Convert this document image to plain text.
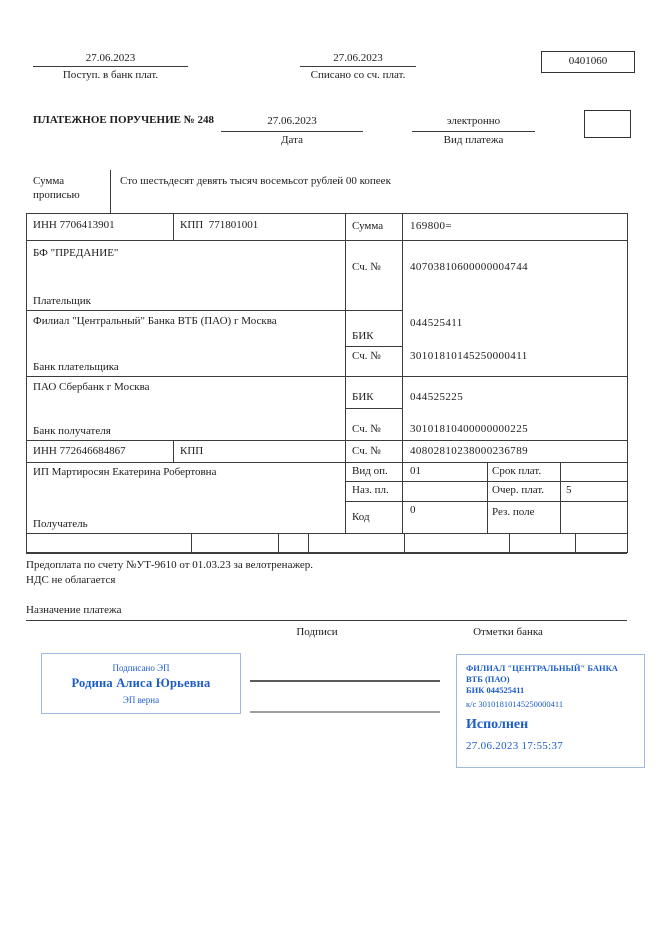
27.06.2023
Поступ. в банк плат.
27.06.2023
Списано со сч. плат.
0401060
ПЛАТЕЖНОЕ ПОРУЧЕНИЕ № 248	27.06.2023
Дата
электронно
Вид платежа
Сумма
прописью
Сто шестьдесят девять тысяч восемьсот рублей 00 копеек
ИНН 7706413901	КПП  771801001	Сумма 169800=
БФ "ПРЕДАНИЕ"
Плательщик
Сч. №	40703810600000004744
Филиал "Центральный" Банка ВТБ (ПАО) г Москва
Банк плательщика
БИК
044525411
Сч. №	30101810145250000411
ПАО Сбербанк г Москва
Банк получателя
БИК	044525225
Сч. №	30101810400000000225
ИНН 772646684867	КПП	Сч. №	40802810238000236789
ИП Мартиросян Екатерина Робертовна
Получатель
Вид оп. 01	Срок плат.
Наз. пл.	Очер. плат. 5
Код
0	Рез. поле
Предоплата по счету №УТ-9610 от 01.03.23 за велотренажер.
НДС не облагается
Назначение платежа
Подписи	Отметки банка
Подписано ЭП
Родина Алиса Юрьевна
ЭП верна
ФИЛИАЛ "ЦЕНТРАЛЬНЫЙ" БАНКА
ВТБ (ПАО)
БИК 044525411
к/с 30101810145250000411
Исполнен
27.06.2023 17:55:37
